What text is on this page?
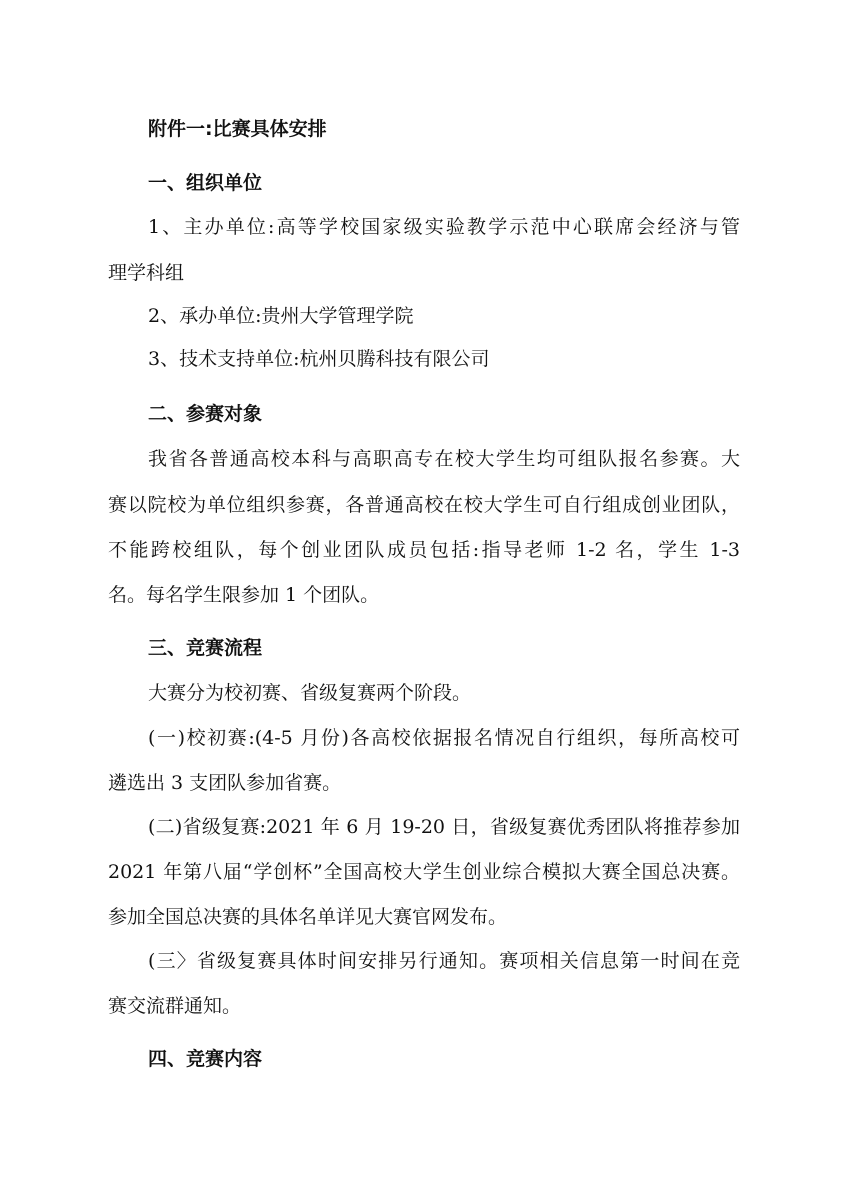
附件一:比赛具体安排
一、组织单位
1、主办单位:高等学校国家级实验教学示范中心联席会经济与管
理学科组
2、承办单位:贵州大学管理学院
3、技术支持单位:杭州贝腾科技有限公司
二、参赛对象
我省各普通高校本科与高职高专在校大学生均可组队报名参赛。大
赛以院校为单位组织参赛，各普通高校在校大学生可自行组成创业团队，
不能跨校组队，每个创业团队成员包括:指导老师 1-2 名，学生 1-3
名。每名学生限参加 1 个团队。
三、竞赛流程
大赛分为校初赛、省级复赛两个阶段。
(一)校初赛:(4-5 月份)各高校依据报名情况自行组织，每所高校可
遴选出 3 支团队参加省赛。
(二)省级复赛:2021 年 6 月 19-20 日，省级复赛优秀团队将推荐参加
2021 年第八届“学创杯”全国高校大学生创业综合模拟大赛全国总决赛。
参加全国总决赛的具体名单详见大赛官网发布。
(三〉省级复赛具体时间安排另行通知。赛项相关信息第一时间在竞
赛交流群通知。
四、竞赛内容
